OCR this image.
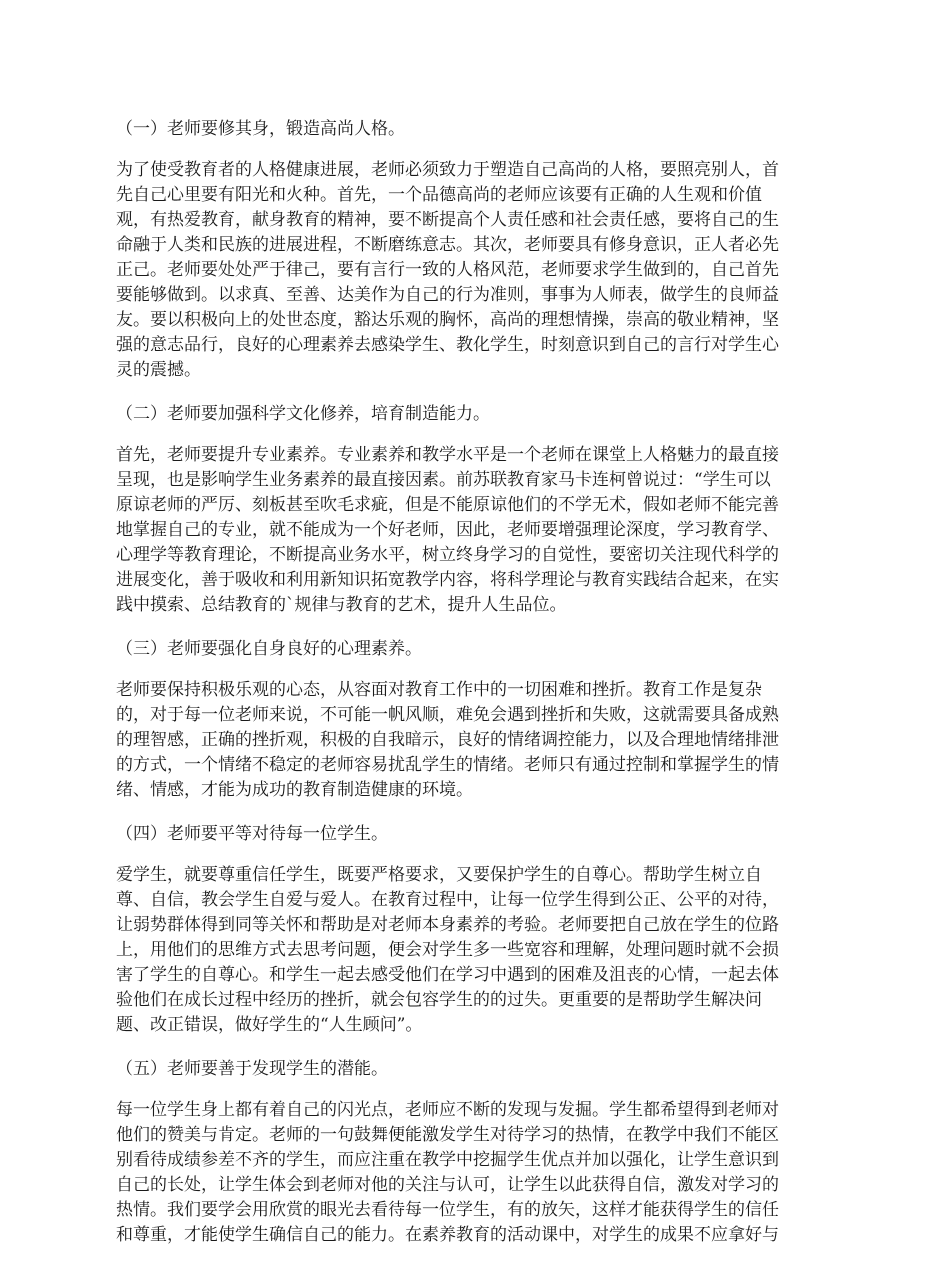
（一）老师要修其身，锻造高尚人格。
为了使受教育者的人格健康进展，老师必须致力于塑造自己高尚的人格，要照亮别人，首
先自己心里要有阳光和火种。首先，一个品德高尚的老师应该要有正确的人生观和价值
观，有热爱教育，献身教育的精神，要不断提高个人责任感和社会责任感，要将自己的生
命融于人类和民族的进展进程，不断磨练意志。其次，老师要具有修身意识，正人者必先
正己。老师要处处严于律己，要有言行一致的人格风范，老师要求学生做到的，自己首先
要能够做到。以求真、至善、达美作为自己的行为准则，事事为人师表，做学生的良师益
友。要以积极向上的处世态度，豁达乐观的胸怀，高尚的理想情操，崇高的敬业精神，坚
强的意志品行，良好的心理素养去感染学生、教化学生，时刻意识到自己的言行对学生心
灵的震撼。
（二）老师要加强科学文化修养，培育制造能力。
首先，老师要提升专业素养。专业素养和教学水平是一个老师在课堂上人格魅力的最直接
呈现，也是影响学生业务素养的最直接因素。前苏联教育家马卡连柯曾说过：“学生可以
原谅老师的严厉、刻板甚至吹毛求疵，但是不能原谅他们的不学无术，假如老师不能完善
地掌握自己的专业，就不能成为一个好老师，因此，老师要增强理论深度，学习教育学、
心理学等教育理论，不断提高业务水平，树立终身学习的自觉性，要密切关注现代科学的
进展变化，善于吸收和利用新知识拓宽教学内容，将科学理论与教育实践结合起来，在实
践中摸索、总结教育的`规律与教育的艺术，提升人生品位。
（三）老师要强化自身良好的心理素养。
老师要保持积极乐观的心态，从容面对教育工作中的一切困难和挫折。教育工作是复杂
的，对于每一位老师来说，不可能一帆风顺，难免会遇到挫折和失败，这就需要具备成熟
的理智感，正确的挫折观，积极的自我暗示，良好的情绪调控能力，以及合理地情绪排泄
的方式，一个情绪不稳定的老师容易扰乱学生的情绪。老师只有通过控制和掌握学生的情
绪、情感，才能为成功的教育制造健康的环境。
（四）老师要平等对待每一位学生。
爱学生，就要尊重信任学生，既要严格要求，又要保护学生的自尊心。帮助学生树立自
尊、自信，教会学生自爱与爱人。在教育过程中，让每一位学生得到公正、公平的对待，
让弱势群体得到同等关怀和帮助是对老师本身素养的考验。老师要把自己放在学生的位路
上，用他们的思维方式去思考问题，便会对学生多一些宽容和理解，处理问题时就不会损
害了学生的自尊心。和学生一起去感受他们在学习中遇到的困难及沮丧的心情，一起去体
验他们在成长过程中经历的挫折，就会包容学生的的过失。更重要的是帮助学生解决问
题、改正错误，做好学生的“人生顾问”。
（五）老师要善于发现学生的潜能。
每一位学生身上都有着自己的闪光点，老师应不断的发现与发掘。学生都希望得到老师对
他们的赞美与肯定。老师的一句鼓舞便能激发学生对待学习的热情，在教学中我们不能区
别看待成绩参差不齐的学生，而应注重在教学中挖掘学生优点并加以强化，让学生意识到
自己的长处，让学生体会到老师对他的关注与认可，让学生以此获得自信，激发对学习的
热情。我们要学会用欣赏的眼光去看待每一位学生，有的放矢，这样才能获得学生的信任
和尊重，才能使学生确信自己的能力。在素养教育的活动课中，对学生的成果不应拿好与
